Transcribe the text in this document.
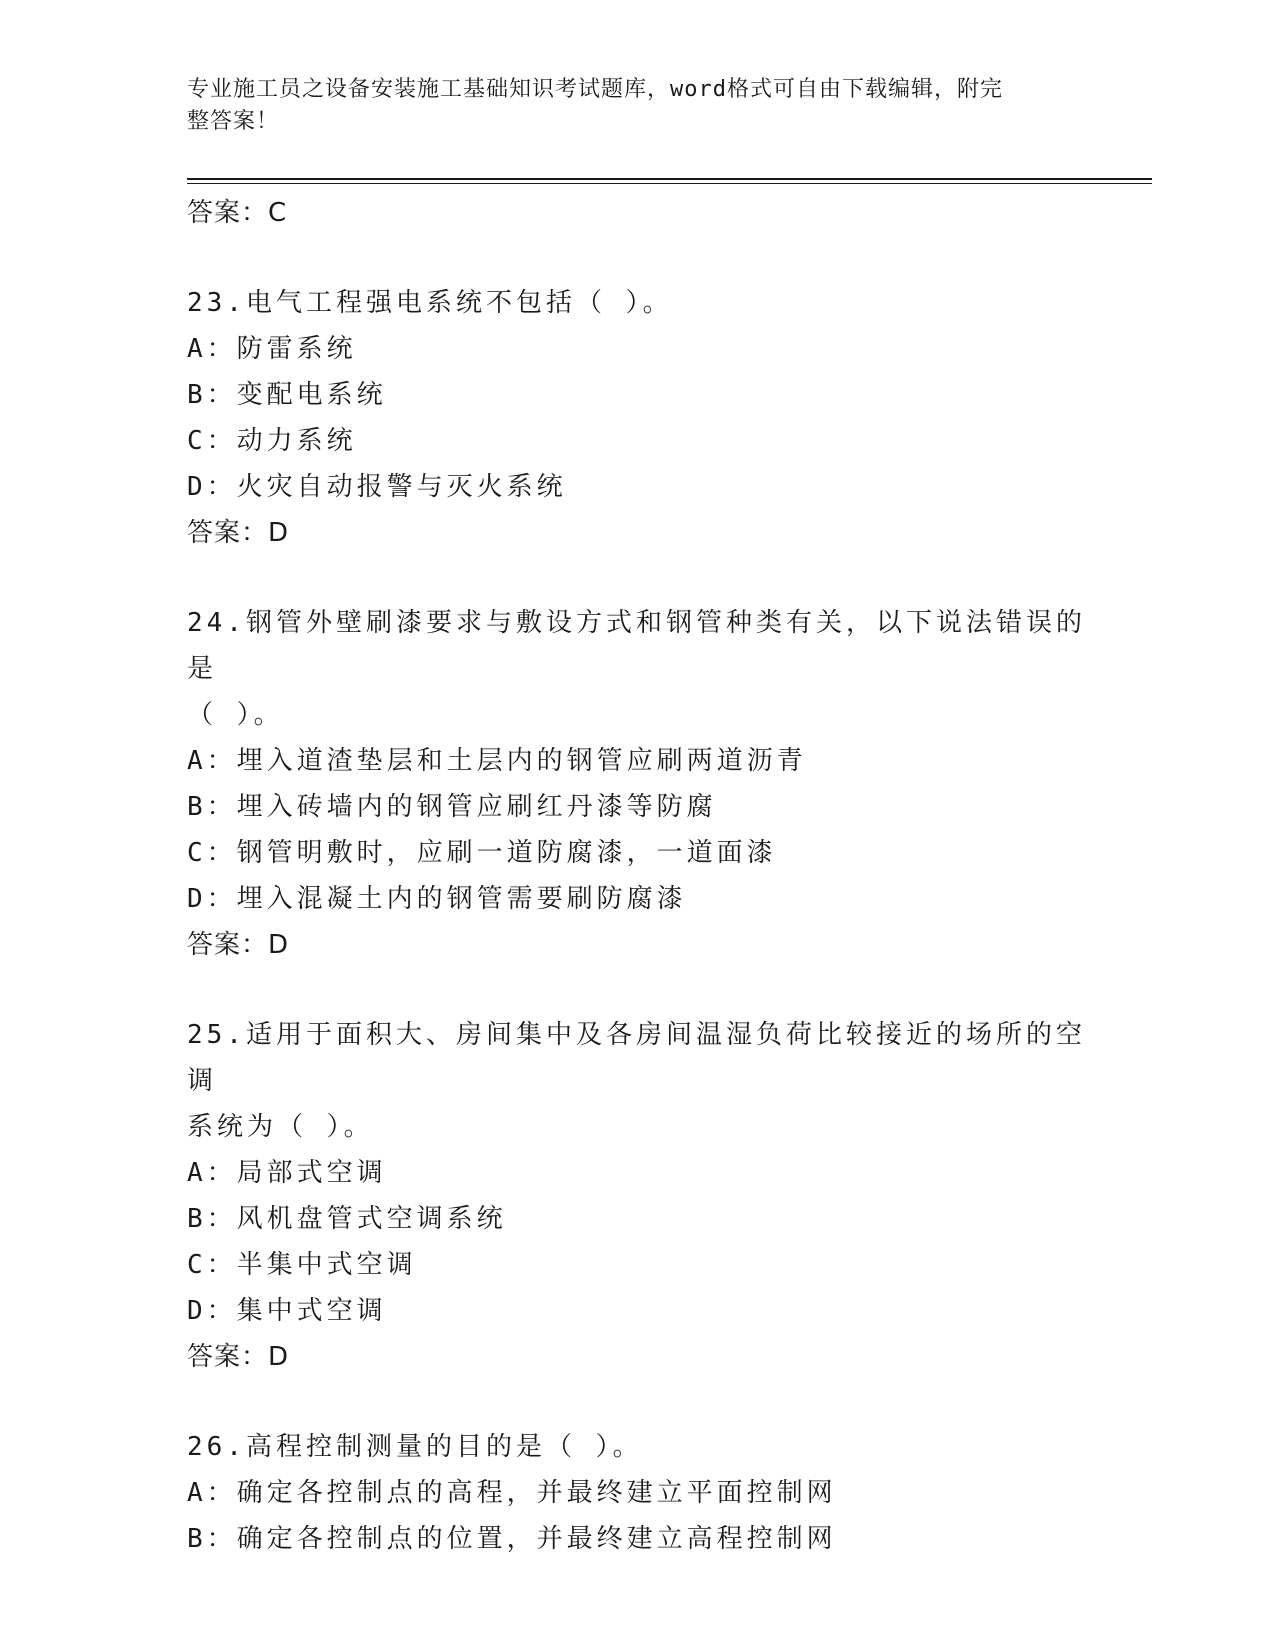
专业施工员之设备安装施工基础知识考试题库，word格式可自由下载编辑，附完
整答案！
答案：C
23.电气工程强电系统不包括（ ）。
A：防雷系统
B：变配电系统
C：动力系统
D：火灾自动报警与灭火系统
答案：D
24.钢管外壁刷漆要求与敷设方式和钢管种类有关，以下说法错误的是
（ ）。
A：埋入道渣垫层和土层内的钢管应刷两道沥青
B：埋入砖墙内的钢管应刷红丹漆等防腐
C：钢管明敷时，应刷一道防腐漆，一道面漆
D：埋入混凝土内的钢管需要刷防腐漆
答案：D
25.适用于面积大、房间集中及各房间温湿负荷比较接近的场所的空调
系统为（ ）。
A：局部式空调
B：风机盘管式空调系统
C：半集中式空调
D：集中式空调
答案：D
26.高程控制测量的目的是（ ）。
A：确定各控制点的高程，并最终建立平面控制网
B：确定各控制点的位置，并最终建立高程控制网
